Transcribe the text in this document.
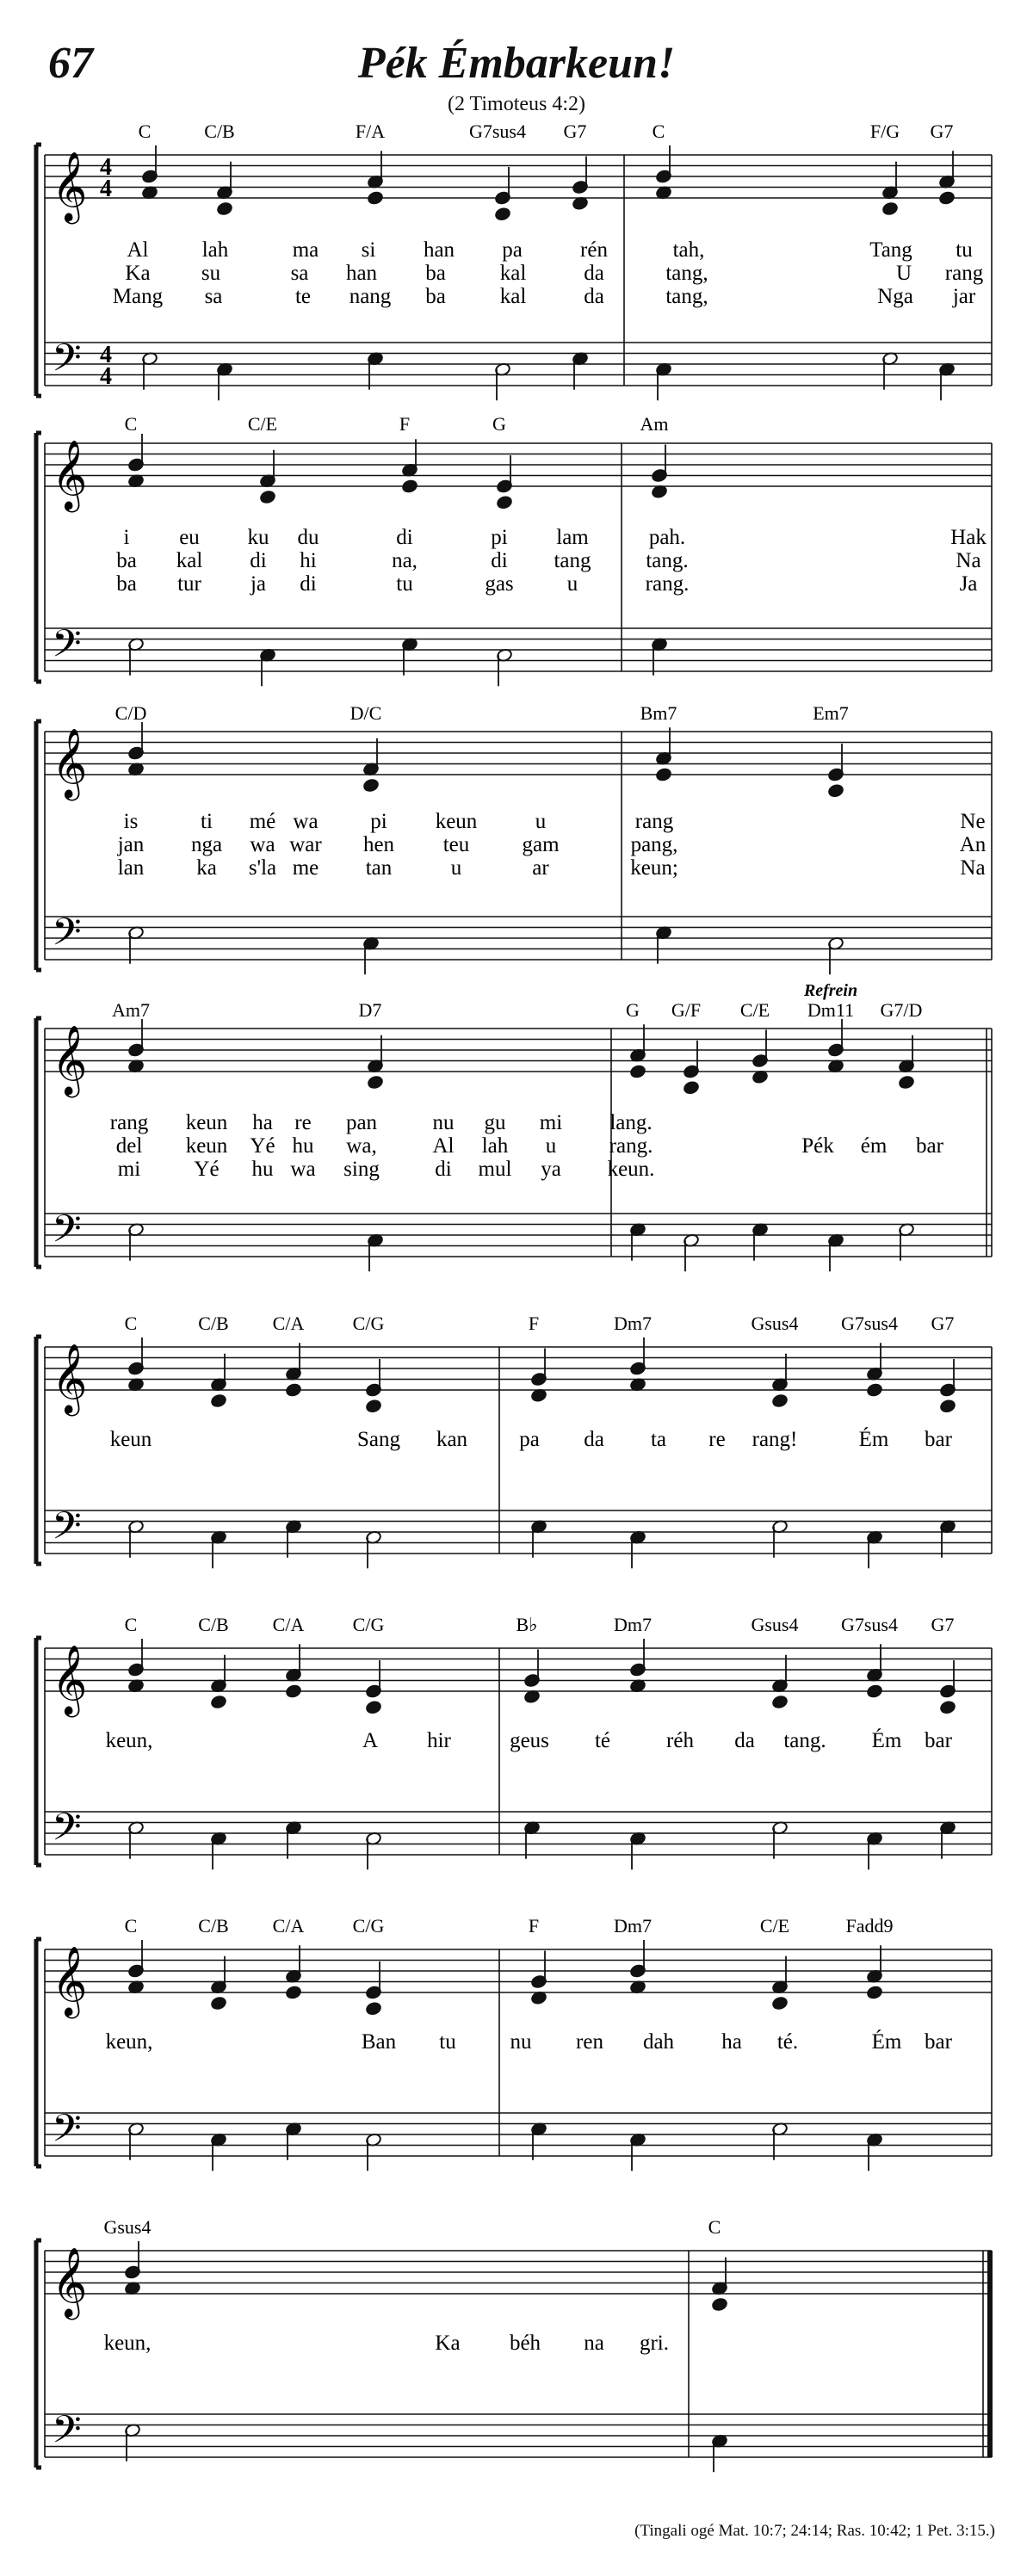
67	Pék Émbarkeun!
(2 Timoteus 4:2)
(Tingali ogé Mat. 10:7; 24:14; Ras. 10:42; 1 Pet. 3:15.)
𝄞
𝄢
4
4
4
4
C	C/B	F/A	G7sus4 G7	C	F/G G7
Al lah	ma si han pa	rén	tah,	Tang tu
Ka su	sa han ba	kal	da	tang,	U rang
Mang sa	te nang ba	kal	da	tang,	Nga jar
𝄞
𝄢
C	C/E	F	G	Am
i eu ku du	di	pi lam	pah.	Hak
ba kal di hi	na,	di tang	tang.	Na
ba tur ja di	tu	gas u	rang.	Ja
𝄞
𝄢
C/D	D/C	Bm7	Em7
is	ti mé wa pi keun	u	rang	Ne
jan nga wa war hen teu gam	pang,	An
lan ka s'la me tan	u	ar	keun;	Na
𝄞
𝄢
Am7	D7	G G/F C/E Dm11 G7/D
Refrein
rang keun ha re pan	nu gu mi lang.
del keun Yé hu wa,	Al lah u rang.	Pék ém bar
mi Yé hu wa sing	di mul ya keun.
𝄞
𝄢
C	C/B C/A	C/G	F	Dm7	Gsus4 G7sus4 G7
keun	Sang kan pa da ta re rang!	Ém bar
𝄞
𝄢
C	C/B C/A	C/G	B♭	Dm7	Gsus4 G7sus4 G7
keun,	A hir	geus té	réh da tang. Ém bar
𝄞
𝄢
C	C/B C/A	C/G	F	Dm7	C/E	Fadd9
keun,	Ban tu	nu ren dah ha té.	Ém bar
𝄞
𝄢
Gsus4	C
keun,	Ka béh na gri.
